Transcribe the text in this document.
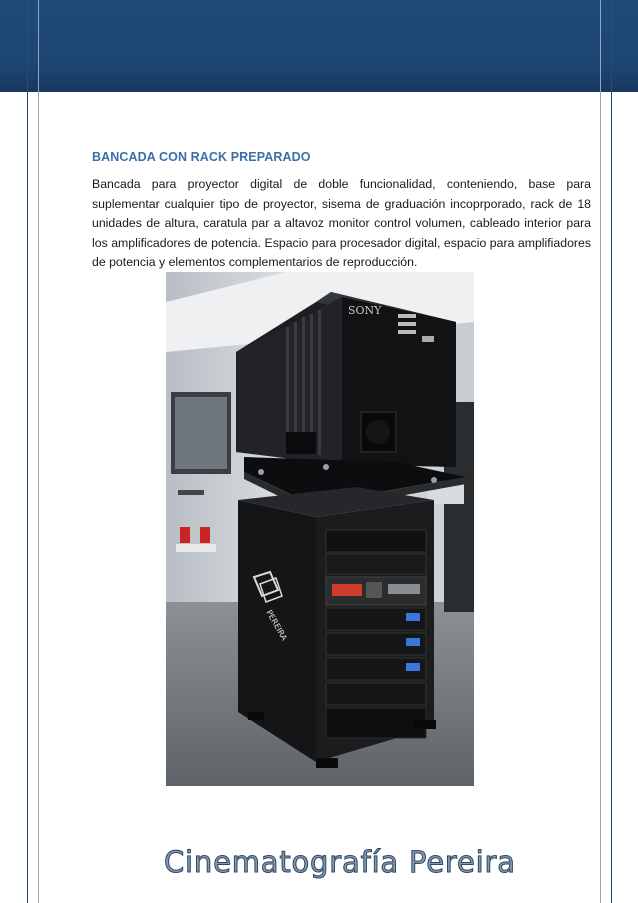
BANCADA CON RACK PREPARADO
Bancada para proyector digital de doble funcionalidad, conteniendo, base para suplementar cualquier tipo de proyector, sisema de graduación incoprporado, rack de 18 unidades de altura, caratula par a altavoz monitor control volumen, cableado interior para los amplificadores de potencia. Espacio para procesador digital, espacio para amplifiadores de potencia y elementos complementarios de reproducción.
SONY
PEREIRA
Cinematografía Pereira
